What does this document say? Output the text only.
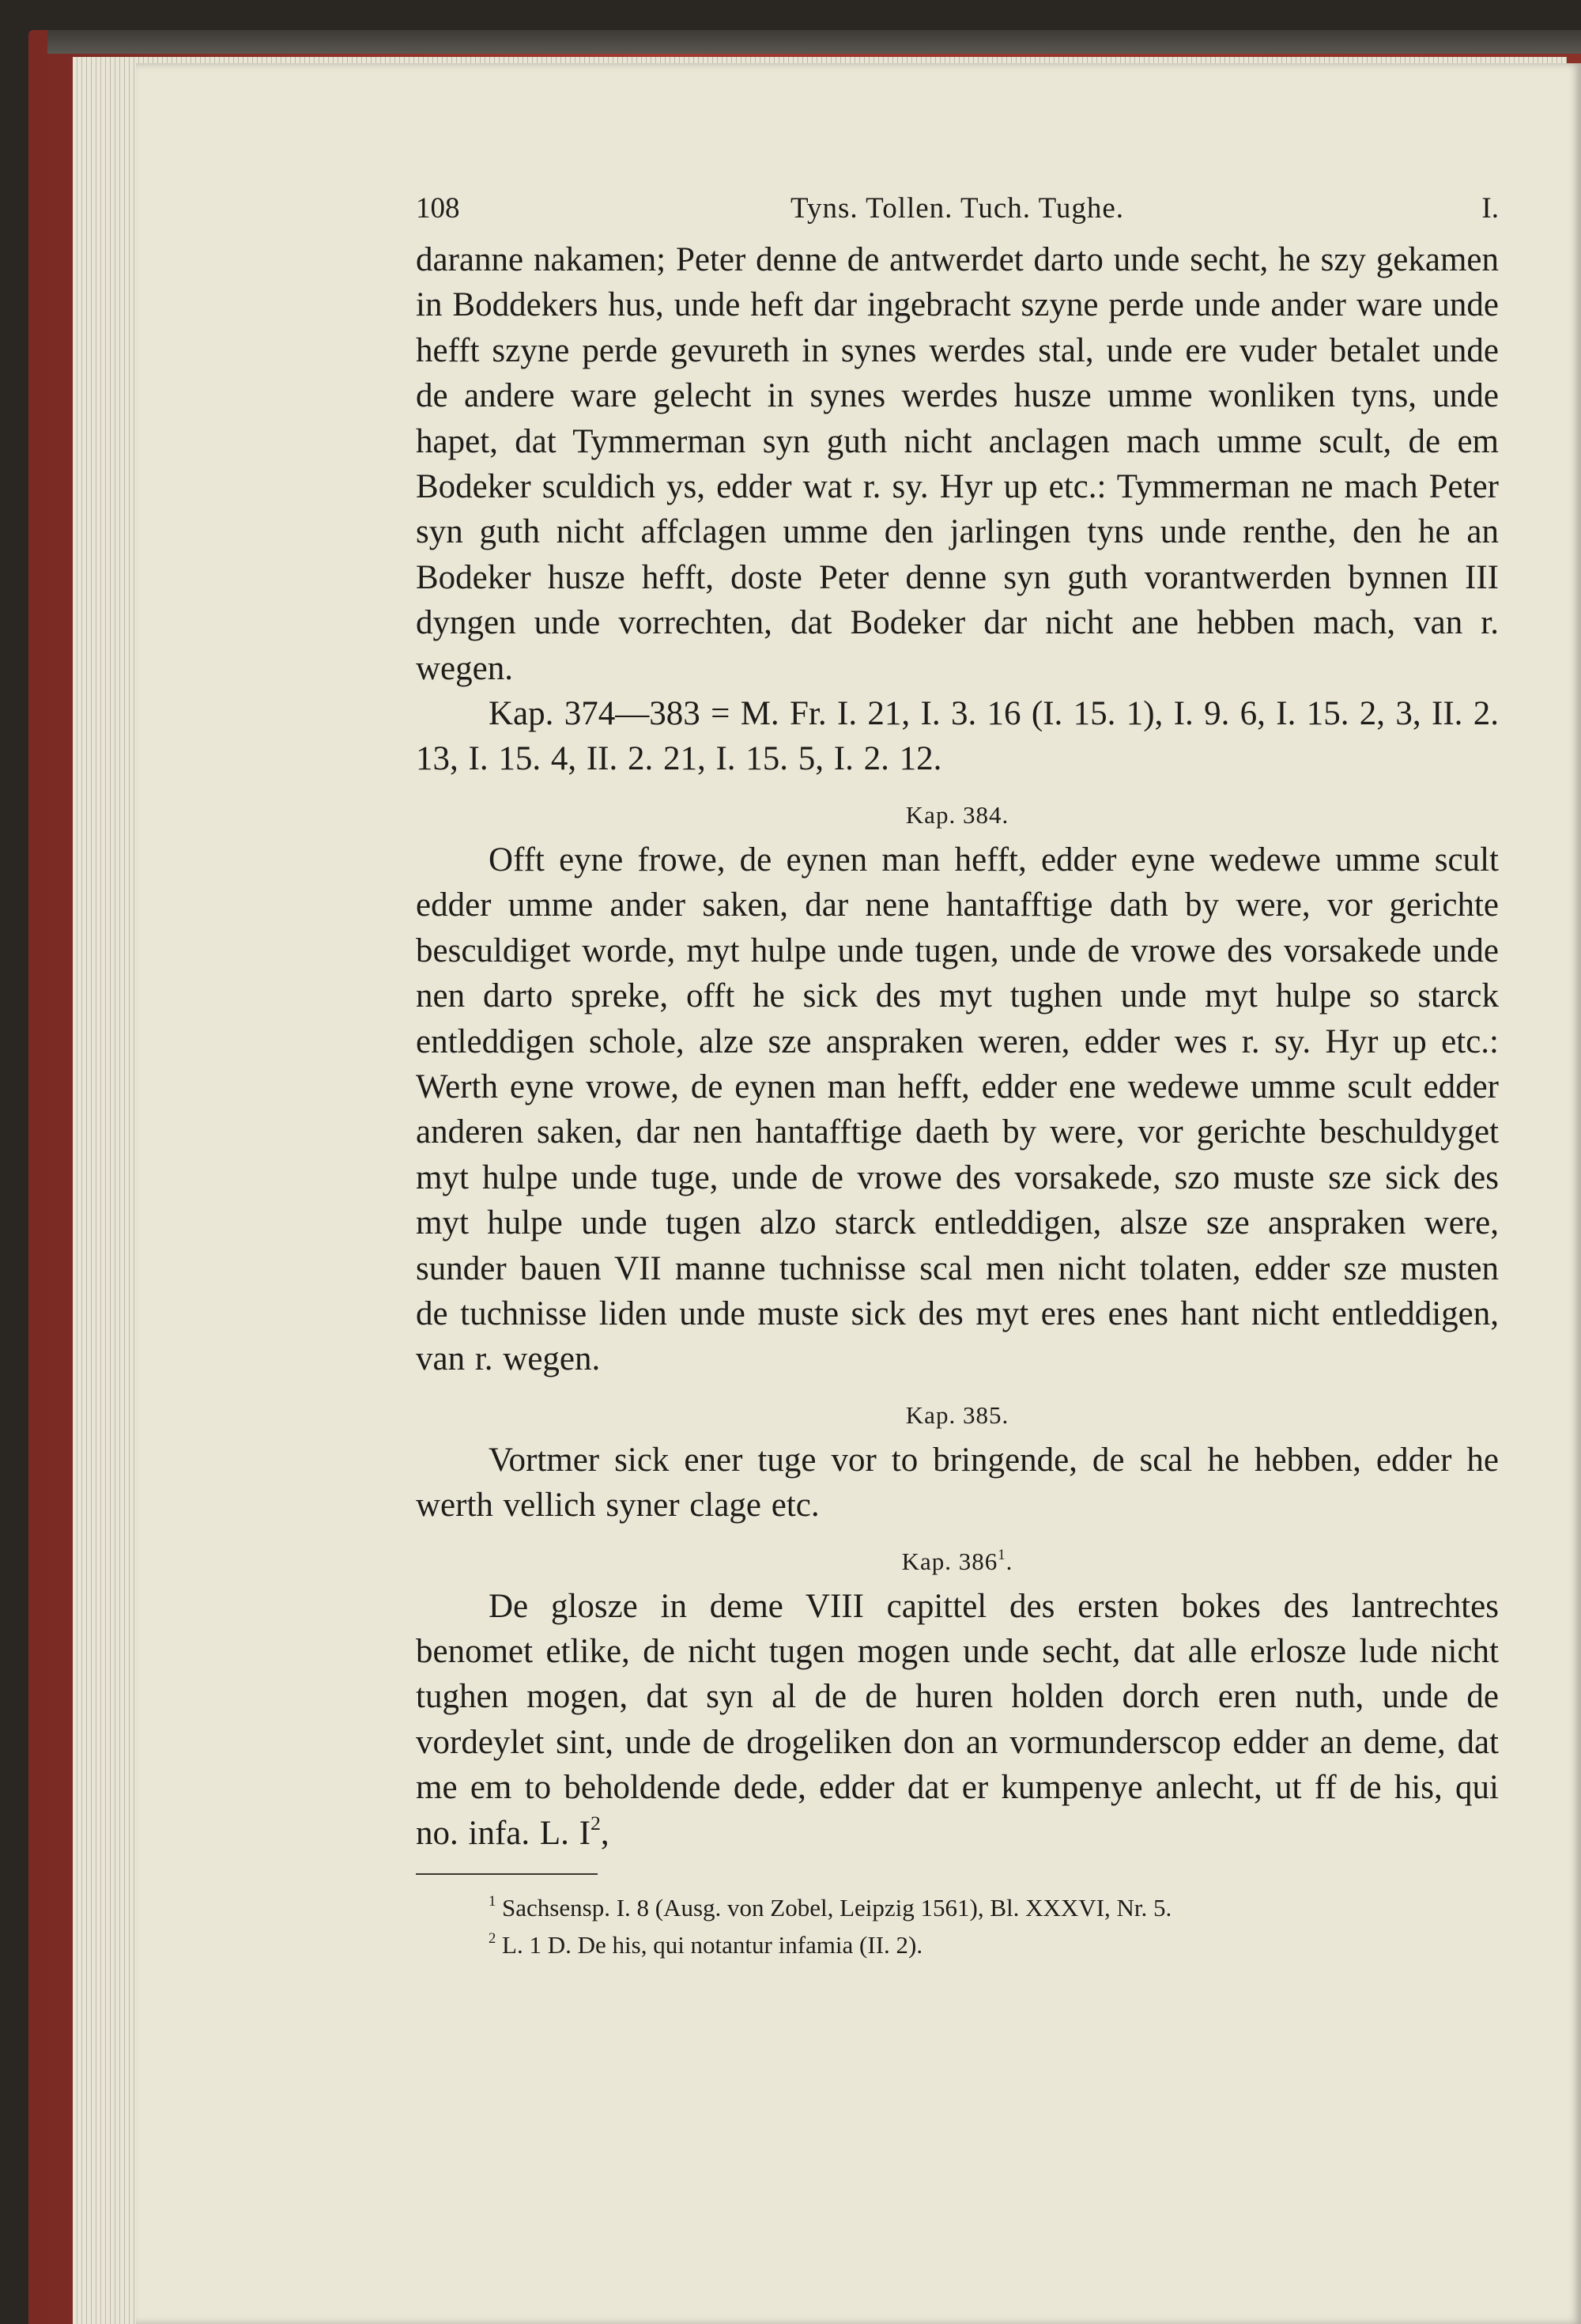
108	Tyns. Tollen. Tuch. Tughe.	I.

daranne nakamen; Peter denne de antwerdet darto unde secht, he szy gekamen in Boddekers hus, unde heft dar ingebracht szyne perde unde ander ware unde hefft szyne perde gevureth in synes werdes stal, unde ere vuder betalet unde de andere ware gelecht in synes werdes husze umme wonliken tyns, unde hapet, dat Tymmerman syn guth nicht anclagen mach umme scult, de em Bodeker sculdich ys, edder wat r. sy. Hyr up etc.: Tymmerman ne mach Peter syn guth nicht affclagen umme den jarlingen tyns unde renthe, den he an Bodeker husze hefft, doste Peter denne syn guth vorantwerden bynnen III dyngen unde vorrechten, dat Bodeker dar nicht ane hebben mach, van r. wegen.

Kap. 374—383 = M. Fr. I. 21, I. 3. 16 (I. 15. 1), I. 9. 6, I. 15. 2, 3, II. 2. 13, I. 15. 4, II. 2. 21, I. 15. 5, I. 2. 12.

Kap. 384.

Offt eyne frowe, de eynen man hefft, edder eyne wedewe umme scult edder umme ander saken, dar nene hantafftige dath by were, vor gerichte besculdiget worde, myt hulpe unde tugen, unde de vrowe des vorsakede unde nen darto spreke, offt he sick des myt tughen unde myt hulpe so starck entleddigen schole, alze sze anspraken weren, edder wes r. sy. Hyr up etc.: Werth eyne vrowe, de eynen man hefft, edder ene wedewe umme scult edder anderen saken, dar nen hantafftige daeth by were, vor gerichte beschuldyget myt hulpe unde tuge, unde de vrowe des vorsakede, szo muste sze sick des myt hulpe unde tugen alzo starck entleddigen, alsze sze anspraken were, sunder bauen VII manne tuchnisse scal men nicht tolaten, edder sze musten de tuchnisse liden unde muste sick des myt eres enes hant nicht entleddigen, van r. wegen.

Kap. 385.

Vortmer sick ener tuge vor to bringende, de scal he hebben, edder he werth vellich syner clage etc.

Kap. $386^1$.

De glosze in deme VIII capittel des ersten bokes des lantrechtes benomet etlike, de nicht tugen mogen unde secht, dat alle erlosze lude nicht tughen mogen, dat syn al de de huren holden dorch eren nuth, unde de vordeylet sint, unde de drogeliken don an vormunderscop edder an deme, dat me em to beholdende dede, edder dat er kumpenye anlecht, ut ff de his, qui no. infa. L. $I^2$,

$^1$ Sachsensp. I. 8 (Ausg. von Zobel, Leipzig 1561), Bl. XXXVI, Nr. 5.

$^2$ L. 1 D. De his, qui notantur infamia (II. 2).
